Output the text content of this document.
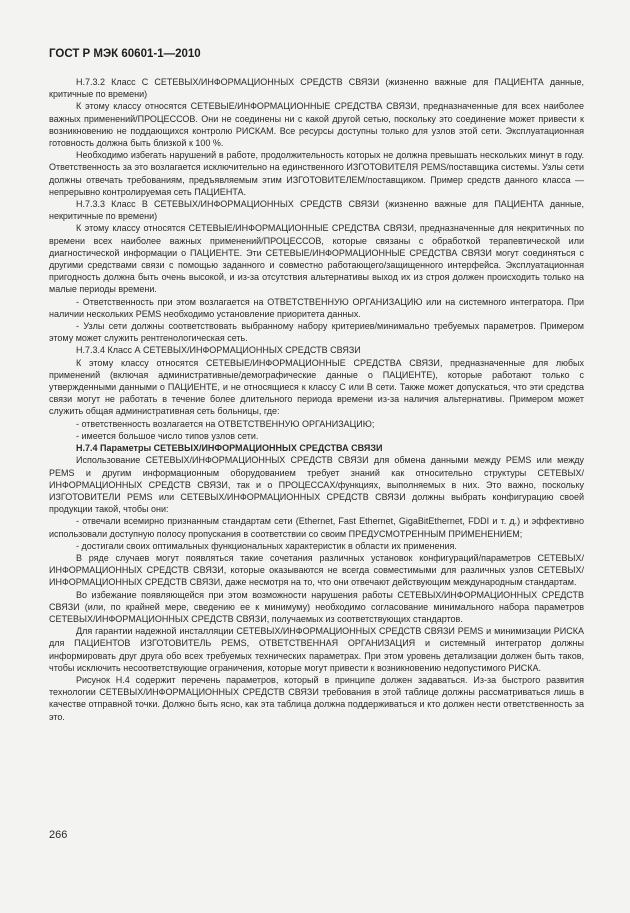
ГОСТ Р МЭК 60601-1—2010

Н.7.3.2 Класс С СЕТЕВЫХ/ИНФОРМАЦИОННЫХ СРЕДСТВ СВЯЗИ (жизненно важные для ПАЦИЕНТА данные, критичные по времени)

К этому классу относятся СЕТЕВЫЕ/ИНФОРМАЦИОННЫЕ СРЕДСТВА СВЯЗИ, предназначенные для всех наиболее важных применений/ПРОЦЕССОВ. Они не соединены ни с какой другой сетью, поскольку это соединение может привести к возникновению не поддающихся контролю РИСКАМ. Все ресурсы доступны только для узлов этой сети. Эксплуатационная готовность должна быть близкой к 100 %.

Необходимо избегать нарушений в работе, продолжительность которых не должна превышать нескольких минут в году. Ответственность за это возлагается исключительно на единственного ИЗГОТОВИТЕЛЯ PEMS/поставщика системы. Узлы сети должны отвечать требованиям, предъявляемым этим ИЗГОТОВИТЕЛЕМ/поставщиком. Пример средств данного класса — непрерывно контролируемая сеть ПАЦИЕНТА.

Н.7.3.3 Класс В СЕТЕВЫХ/ИНФОРМАЦИОННЫХ СРЕДСТВ СВЯЗИ (жизненно важные для ПАЦИЕНТА данные, некритичные по времени)

К этому классу относятся СЕТЕВЫЕ/ИНФОРМАЦИОННЫЕ СРЕДСТВА СВЯЗИ, предназначенные для некритичных по времени всех наиболее важных применений/ПРОЦЕССОВ, которые связаны с обработкой терапевтической или диагностической информации о ПАЦИЕНТЕ. Эти СЕТЕВЫЕ/ИНФОРМАЦИОННЫЕ СРЕДСТВА СВЯЗИ могут соединяться с другими средствами связи с помощью заданного и совместно работающего/защищенного интерфейса. Эксплуатационная пригодность должна быть очень высокой, и из-за отсутствия альтернативы выход их из строя должен происходить только на малые периоды времени.

- Ответственность при этом возлагается на ОТВЕТСТВЕННУЮ ОРГАНИЗАЦИЮ или на системного интегратора. При наличии нескольких PEMS необходимо установление приоритета данных.

- Узлы сети должны соответствовать выбранному набору критериев/минимально требуемых параметров. Примером этому может служить рентгенологическая сеть.

Н.7.3.4 Класс А СЕТЕВЫХ/ИНФОРМАЦИОННЫХ СРЕДСТВ СВЯЗИ

К этому классу относятся СЕТЕВЫЕ/ИНФОРМАЦИОННЫЕ СРЕДСТВА СВЯЗИ, предназначенные для любых применений (включая административные/демографические данные о ПАЦИЕНТЕ), которые работают только с утвержденными данными о ПАЦИЕНТЕ, и не относящиеся к классу С или В сети. Также может допускаться, что эти средства связи могут не работать в течение более длительного периода времени из-за наличия альтернативы. Примером может служить общая административная сеть больницы, где:

- ответственность возлагается на ОТВЕТСТВЕННУЮ ОРГАНИЗАЦИЮ;

- имеется большое число типов узлов сети.

Н.7.4 Параметры СЕТЕВЫХ/ИНФОРМАЦИОННЫХ СРЕДСТВА СВЯЗИ

Использование СЕТЕВЫХ/ИНФОРМАЦИОННЫХ СРЕДСТВ СВЯЗИ для обмена данными между PEMS или между PEMS и другим информационным оборудованием требует знаний как относительно структуры СЕТЕВЫХ/ИНФОРМАЦИОННЫХ СРЕДСТВ СВЯЗИ, так и о ПРОЦЕССАХ/функциях, выполняемых в них. Это важно, поскольку ИЗГОТОВИТЕЛИ PEMS или СЕТЕВЫХ/ИНФОРМАЦИОННЫХ СРЕДСТВ СВЯЗИ должны выбрать конфигурацию своей продукции такой, чтобы они:

- отвечали всемирно признанным стандартам сети (Ethernet, Fast Ethernet, GigaBitEthernet, FDDI и т. д.) и эффективно использовали доступную полосу пропускания в соответствии со своим ПРЕДУСМОТРЕННЫМ ПРИМЕНЕНИЕМ;

- достигали своих оптимальных функциональных характеристик в области их применения.

В ряде случаев могут появляться такие сочетания различных установок конфигураций/параметров СЕТЕВЫХ/ИНФОРМАЦИОННЫХ СРЕДСТВ СВЯЗИ, которые оказываются не всегда совместимыми для различных узлов СЕТЕВЫХ/ИНФОРМАЦИОННЫХ СРЕДСТВ СВЯЗИ, даже несмотря на то, что они отвечают действующим международным стандартам.

Во избежание появляющейся при этом возможности нарушения работы СЕТЕВЫХ/ИНФОРМАЦИОННЫХ СРЕДСТВ СВЯЗИ (или, по крайней мере, сведению ее к минимуму) необходимо согласование минимального набора параметров СЕТЕВЫХ/ИНФОРМАЦИОННЫХ СРЕДСТВ СВЯЗИ, получаемых из соответствующих стандартов.

Для гарантии надежной инсталляции СЕТЕВЫХ/ИНФОРМАЦИОННЫХ СРЕДСТВ СВЯЗИ PEMS и минимизации РИСКА для ПАЦИЕНТОВ ИЗГОТОВИТЕЛЬ PEMS, ОТВЕТСТВЕННАЯ ОРГАНИЗАЦИЯ и системный интегратор должны информировать друг друга обо всех требуемых технических параметрах. При этом уровень детализации должен быть таков, чтобы исключить несоответствующие ограничения, которые могут привести к возникновению недопустимого РИСКА.

Рисунок Н.4 содержит перечень параметров, который в принципе должен задаваться. Из-за быстрого развития технологии СЕТЕВЫХ/ИНФОРМАЦИОННЫХ СРЕДСТВ СВЯЗИ требования в этой таблице должны рассматриваться лишь в качестве отправной точки. Должно быть ясно, как эта таблица должна поддерживаться и кто должен нести ответственность за это.

266
